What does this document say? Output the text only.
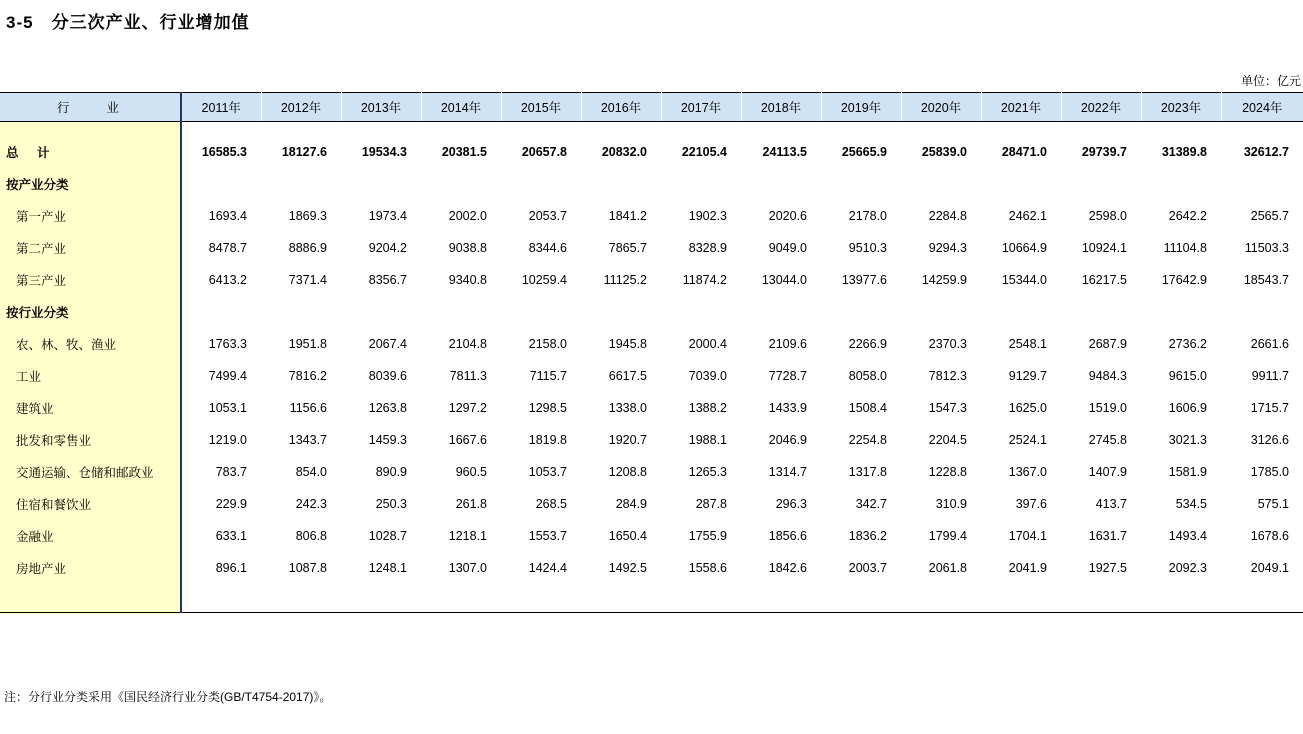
3-5 分三次产业、行业增加值
单位：亿元
行　　业	2011年	2012年	2013年	2014年	2015年	2016年	2017年	2018年	2019年	2020年	2021年	2022年	2023年	2024年

总　计	16585.3	18127.6	19534.3	20381.5	20657.8	20832.0	22105.4	24113.5	25665.9	25839.0	28471.0	29739.7	31389.8	32612.7
按产业分类														
第一产业	1693.4	1869.3	1973.4	2002.0	2053.7	1841.2	1902.3	2020.6	2178.0	2284.8	2462.1	2598.0	2642.2	2565.7
第二产业	8478.7	8886.9	9204.2	9038.8	8344.6	7865.7	8328.9	9049.0	9510.3	9294.3	10664.9	10924.1	11104.8	11503.3
第三产业	6413.2	7371.4	8356.7	9340.8	10259.4	11125.2	11874.2	13044.0	13977.6	14259.9	15344.0	16217.5	17642.9	18543.7
按行业分类														
农、林、牧、渔业	1763.3	1951.8	2067.4	2104.8	2158.0	1945.8	2000.4	2109.6	2266.9	2370.3	2548.1	2687.9	2736.2	2661.6
工业	7499.4	7816.2	8039.6	7811.3	7115.7	6617.5	7039.0	7728.7	8058.0	7812.3	9129.7	9484.3	9615.0	9911.7
建筑业	1053.1	1156.6	1263.8	1297.2	1298.5	1338.0	1388.2	1433.9	1508.4	1547.3	1625.0	1519.0	1606.9	1715.7
批发和零售业	1219.0	1343.7	1459.3	1667.6	1819.8	1920.7	1988.1	2046.9	2254.8	2204.5	2524.1	2745.8	3021.3	3126.6
交通运输、仓储和邮政业	783.7	854.0	890.9	960.5	1053.7	1208.8	1265.3	1314.7	1317.8	1228.8	1367.0	1407.9	1581.9	1785.0
住宿和餐饮业	229.9	242.3	250.3	261.8	268.5	284.9	287.8	296.3	342.7	310.9	397.6	413.7	534.5	575.1
金融业	633.1	806.8	1028.7	1218.1	1553.7	1650.4	1755.9	1856.6	1836.2	1799.4	1704.1	1631.7	1493.4	1678.6
房地产业	896.1	1087.8	1248.1	1307.0	1424.4	1492.5	1558.6	1842.6	2003.7	2061.8	2041.9	1927.5	2092.3	2049.1

注：分行业分类采用《国民经济行业分类(GB/T4754-2017)》。
